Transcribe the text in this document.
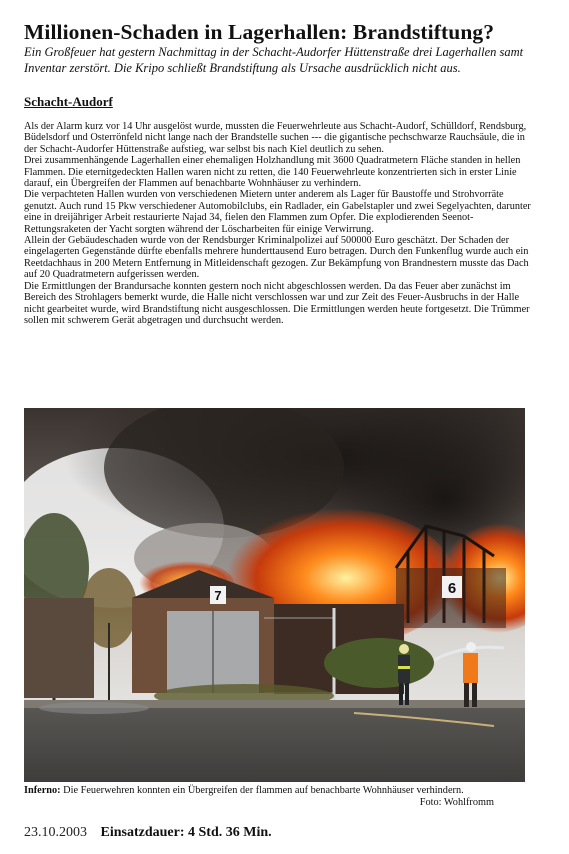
Millionen-Schaden in Lagerhallen: Brandstiftung?

Ein Großfeuer hat gestern Nachmittag in der Schacht-Audorfer Hüttenstraße drei Lagerhallen samt Inventar zerstört. Die Kripo schließt Brandstiftung als Ursache ausdrücklich nicht aus.

Schacht-Audorf

Als der Alarm kurz vor 14 Uhr ausgelöst wurde, mussten die Feuerwehrleute aus Schacht-Audorf, Schülldorf, Rendsburg, Büdelsdorf und Osterrönfeld nicht lange nach der Brandstelle suchen --- die gigantische pechschwarze Rauchsäule, die in der Schacht-Audorfer Hüttenstraße aufstieg, war selbst bis nach Kiel deutlich zu sehen.

Drei zusammenhängende Lagerhallen einer ehemaligen Holzhandlung mit 3600 Quadratmetern Fläche standen in hellen Flammen. Die eternitgedeckten Hallen waren nicht zu retten, die 140 Feuerwehrleute konzentrierten sich in erster Linie darauf, ein Übergreifen der Flammen auf benachbarte Wohnhäuser zu verhindern.

Die verpachteten Hallen wurden von verschiedenen Mietern unter anderem als Lager für Baustoffe und Strohvorräte genutzt. Auch rund 15 Pkw verschiedener Automobilclubs, ein Radlader, ein Gabelstapler und zwei Segelyachten, darunter eine in dreijähriger Arbeit restaurierte Najad 34, fielen den Flammen zum Opfer. Die explodierenden Seenot-Rettungsraketen der Yacht sorgten während der Löscharbeiten für einige Verwirrung.

Allein der Gebäudeschaden wurde von der Rendsburger Kriminalpolizei auf 500000 Euro geschätzt. Der Schaden der eingelagerten Gegenstände dürfte ebenfalls mehrere hunderttausend Euro betragen. Durch den Funkenflug wurde auch ein Reetdachhaus in 200 Metern Entfernung in Mitleidenschaft gezogen. Zur Bekämpfung von Brandnestern musste das Dach auf 20 Quadratmetern aufgerissen werden.

Die Ermittlungen der Brandursache konnten gestern noch nicht abgeschlossen werden. Da das Feuer aber zunächst im Bereich des Strohlagers bemerkt wurde, die Halle nicht verschlossen war und zur Zeit des Feuer-Ausbruchs in der Halle nicht gearbeitet wurde, wird Brandstiftung nicht ausgeschlossen. Die Ermittlungen werden heute fortgesetzt. Die Trümmer sollen mit schwerem Gerät abgetragen und durchsucht werden.

6
7
Inferno: Die Feuerwehren konnten ein Übergreifen der flammen auf benachbarte Wohnhäuser verhindern.
Foto: Wohlfromm
23.10.2003 Einsatzdauer: 4 Std. 36 Min.
